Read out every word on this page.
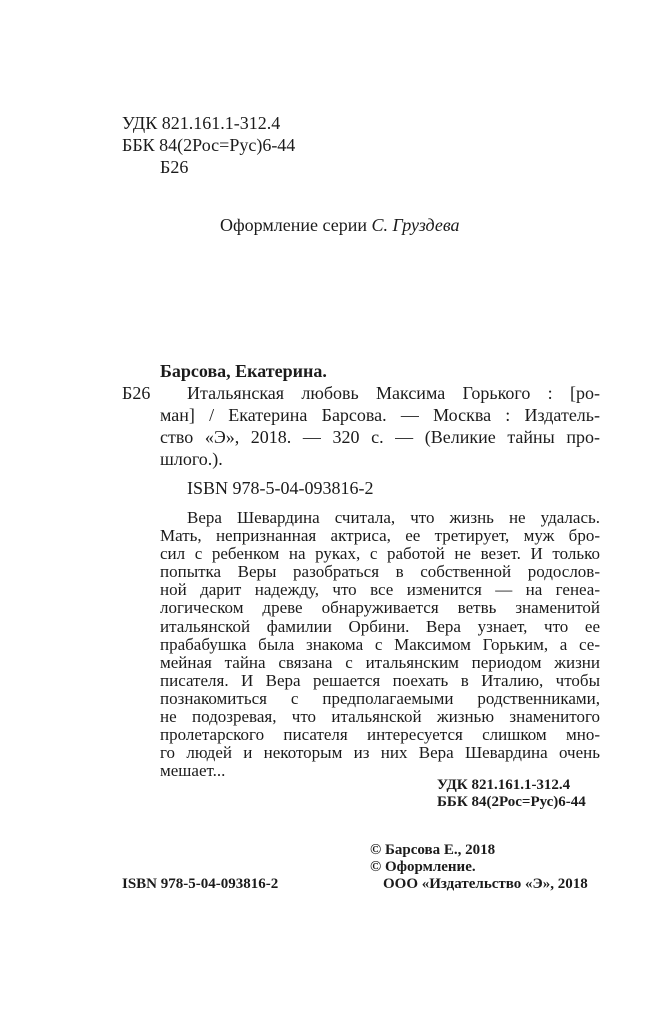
УДК 821.161.1-312.4
ББК 84(2Рос=Рус)6-44
Б26
Оформление серии С. Груздева
Барсова, Екатерина.
Б26	Итальянская любовь Максима Горького : [ро-
ман] / Екатерина Барсова. — Москва : Издатель-
ство «Э», 2018. — 320 с. — (Великие тайны про-
шлого.).
ISBN 978-5-04-093816-2
Вера Шевардина считала, что жизнь не удалась.
Мать, непризнанная актриса, ее третирует, муж бро-
сил с ребенком на руках, с работой не везет. И только
попытка Веры разобраться в собственной родослов-
ной дарит надежду, что все изменится — на генеа-
логическом древе обнаруживается ветвь знаменитой
итальянской фамилии Орбини. Вера узнает, что ее
прабабушка была знакома с Максимом Горьким, а се-
мейная тайна связана с итальянским периодом жизни
писателя. И Вера решается поехать в Италию, чтобы
познакомиться с предполагаемыми родственниками,
не подозревая, что итальянской жизнью знаменитого
пролетарского писателя интересуется слишком мно-
го людей и некоторым из них Вера Шевардина очень
мешает...
УДК 821.161.1-312.4
ББК 84(2Рос=Рус)6-44
© Барсова Е., 2018
© Оформление.
ООО «Издательство «Э», 2018
ISBN 978-5-04-093816-2
